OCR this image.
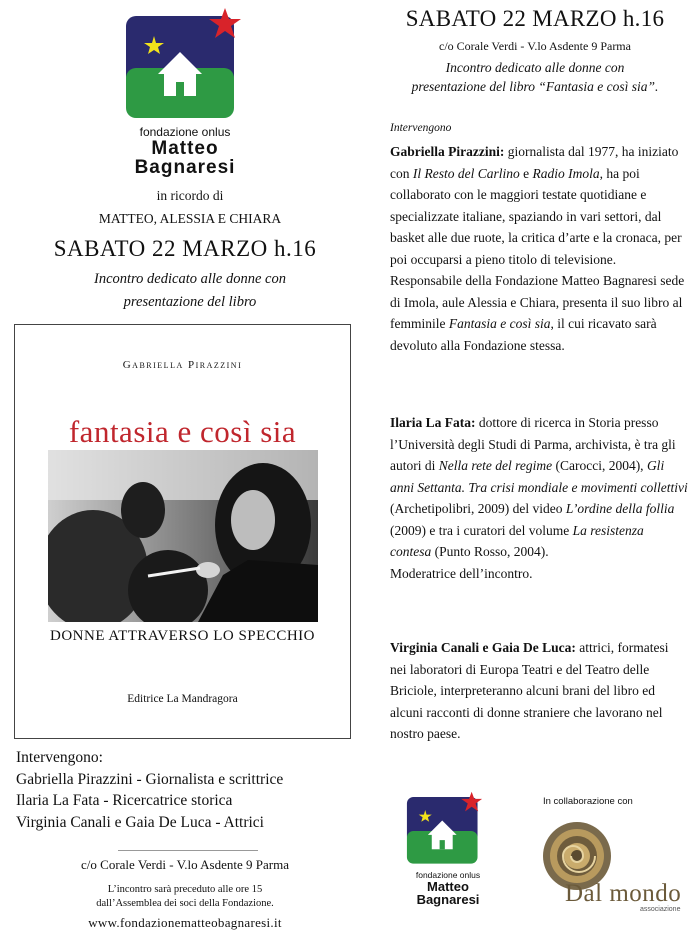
fondazione onlus
Matteo
Bagnaresi
in ricordo di
MATTEO, ALESSIA E CHIARA
SABATO 22 MARZO h.16
Incontro dedicato alle donne con
presentazione del libro
Gabriella Pirazzini
fantasia e così sia
DONNE ATTRAVERSO LO SPECCHIO
Editrice La Mandragora
Intervengono:
Gabriella Pirazzini - Giornalista e scrittrice
Ilaria La Fata - Ricercatrice storica
Virginia Canali e Gaia De Luca - Attrici
c/o Corale Verdi - V.lo Asdente 9 Parma
L’incontro sarà preceduto alle ore 15
dall’Assemblea dei soci della Fondazione.
www.fondazionematteobagnaresi.it
SABATO 22 MARZO h.16
c/o Corale Verdi - V.lo Asdente 9 Parma
Incontro dedicato alle donne con
presentazione del libro “Fantasia e così sia”.
Intervengono
Gabriella Pirazzini: giornalista dal 1977, ha iniziato con Il Resto del Carlino e Radio Imola, ha poi collaborato con le maggiori testate quotidiane e specializzate italiane, spaziando in vari settori, dal basket alle due ruote, la critica d’arte e la cronaca, per poi occuparsi a pieno titolo di televisione. Responsabile della Fondazione Matteo Bagnaresi sede di Imola, aule Alessia e Chiara, presenta il suo libro al femminile Fantasia e così sia, il cui ricavato sarà devoluto alla Fondazione stessa.
Ilaria La Fata: dottore di ricerca in Storia presso l’Università degli Studi di Parma, archivista, è tra gli autori di Nella rete del regime (Carocci, 2004), Gli anni Settanta. Tra crisi mondiale e movimenti collettivi (Archetipolibri, 2009) del video L’ordine della follia (2009) e tra i curatori del volume La resistenza contesa (Punto Rosso, 2004).
Moderatrice dell’incontro.
Virginia Canali e Gaia De Luca: attrici, formatesi nei laboratori di Europa Teatri e del Teatro delle Briciole, interpreteranno alcuni brani del libro ed alcuni racconti di donne straniere che lavorano nel nostro paese.
fondazione onlus
Matteo
Bagnaresi
In collaborazione con
Dal mondo
associazione
